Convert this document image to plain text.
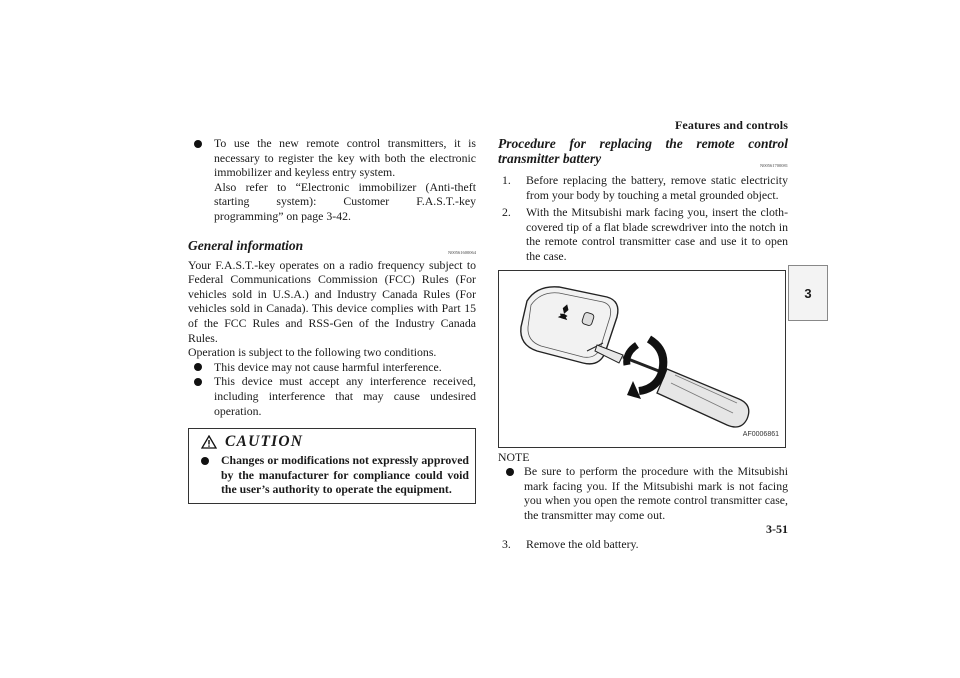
Features and controls
3

To use the new remote control transmitters, it is necessary to register the key with both the electronic immobilizer and keyless entry system.

Also refer to “Electronic immobilizer (Anti-theft starting system): Customer F.A.S.T.-key programming” on page 3-42.

General information	N00561600064

Your F.A.S.T.-key operates on a radio frequency subject to Federal Communications Commission (FCC) Rules (For vehicles sold in U.S.A.) and Industry Canada Rules (For vehicles sold in Canada). This device complies with Part 15 of the FCC Rules and RSS-Gen of the Industry Canada Rules.

Operation is subject to the following two conditions.

This device may not cause harmful interference.

This device must accept any interference received, including interference that may cause undesired operation.

CAUTION

Changes or modifications not expressly approved by the manufacturer for compliance could void the user’s authority to operate the equipment.

Procedure for replacing the remote control transmitter battery	N00561700081
1. Before replacing the battery, remove static electricity from your body by touching a metal grounded object.

2. With the Mitsubishi mark facing you, insert the cloth-covered tip of a flat blade screwdriver into the notch in the remote control transmitter case and use it to open the case.

AF0006861
NOTE

Be sure to perform the procedure with the Mitsubishi mark facing you. If the Mitsubishi mark is not facing you when you open the remote control transmitter case, the transmitter may come out.

3. Remove the old battery.

3-51
